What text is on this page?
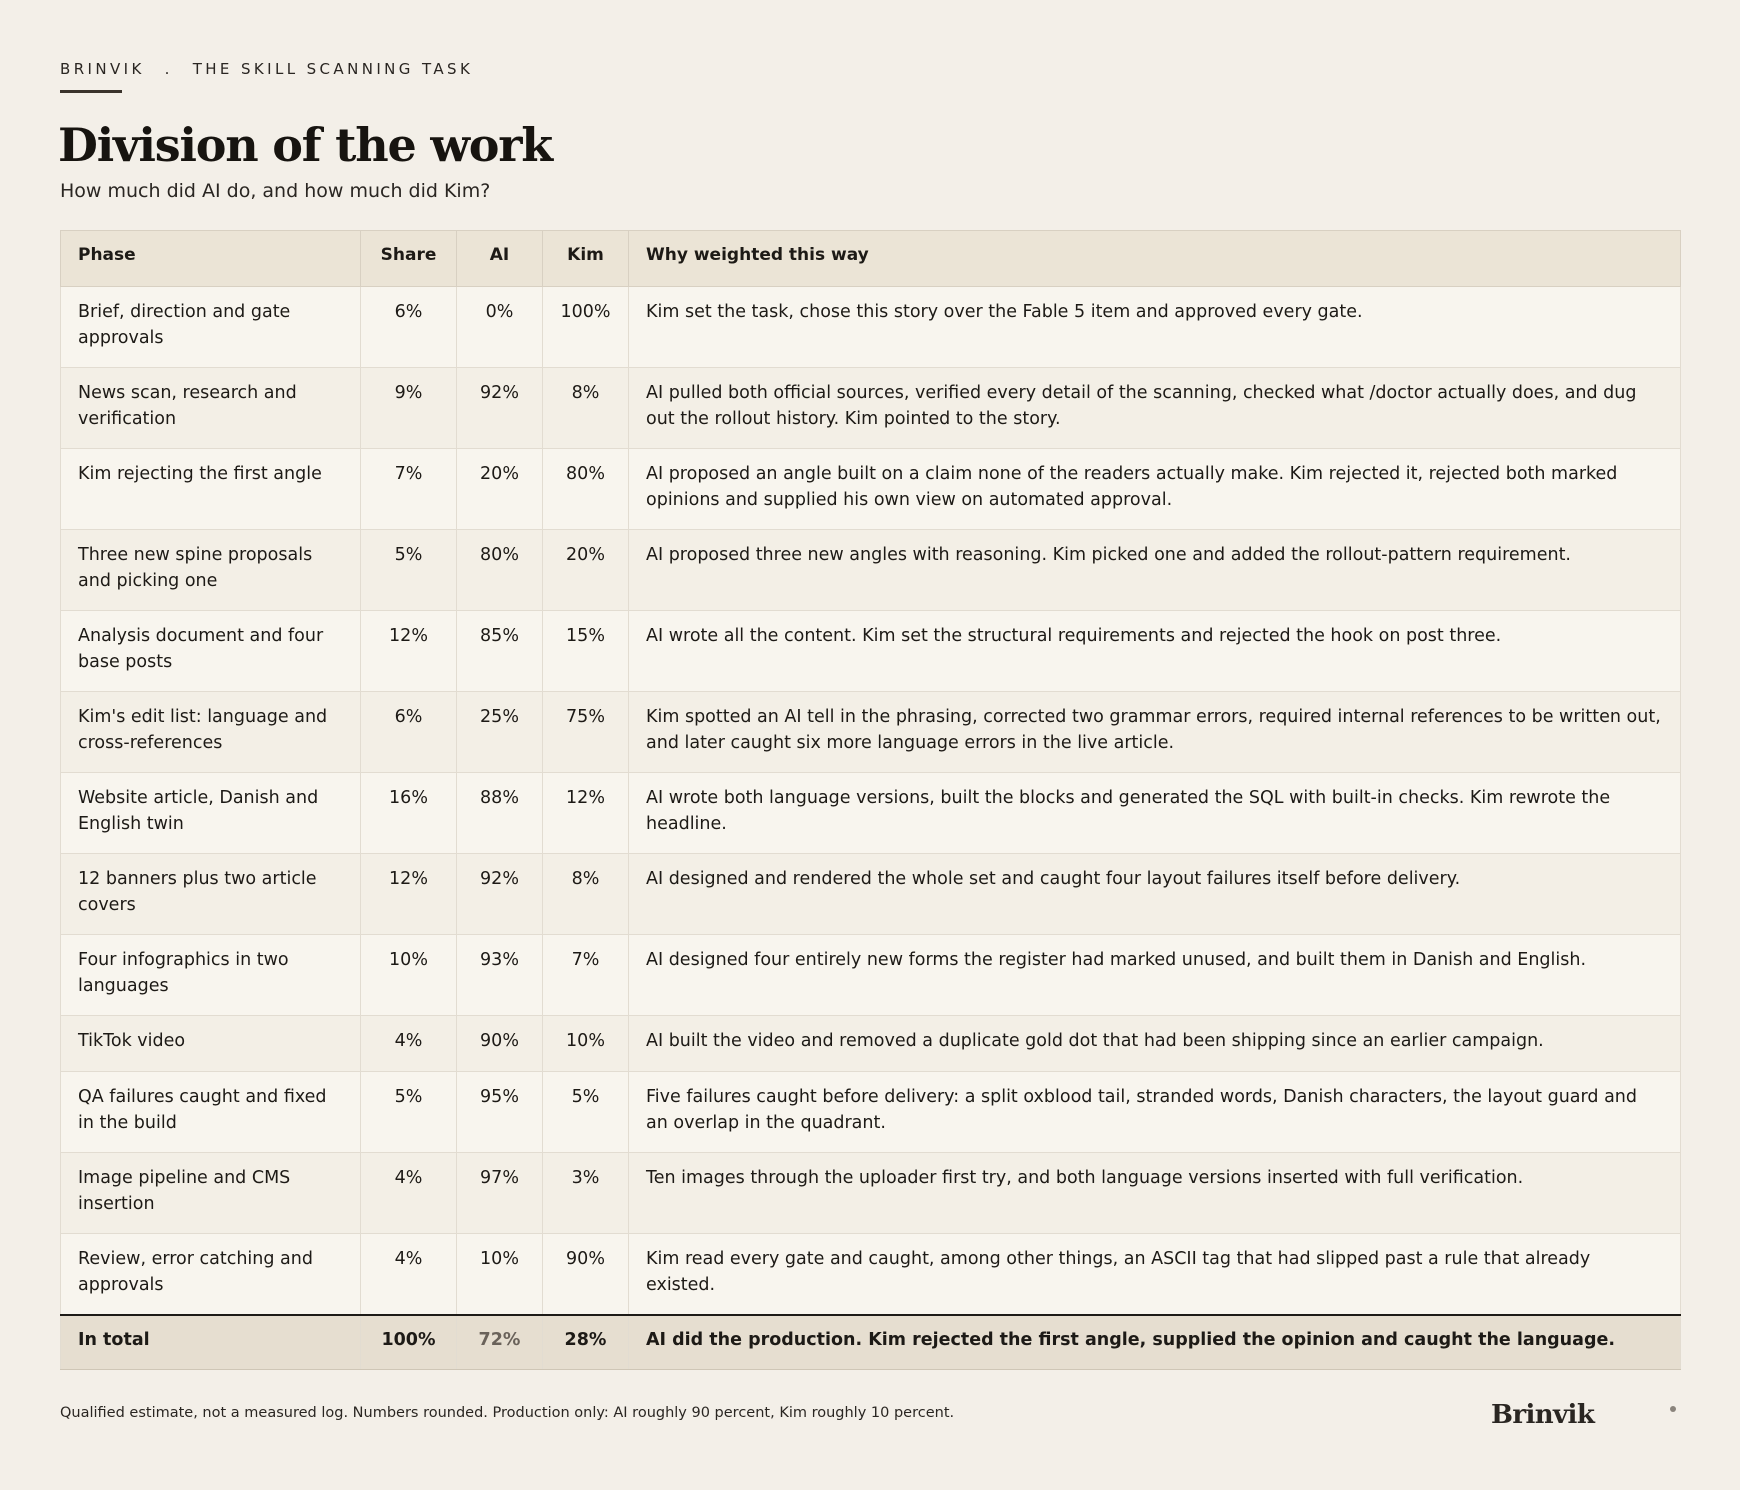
BRINVIK . THE SKILL SCANNING TASK
Division of the work

How much did AI do, and how much did Kim?

Phase	Share	AI	Kim	Why weighted this way
Brief, direction and gate approvals	6%	0%	100%	Kim set the task, chose this story over the Fable 5 item and approved every gate.
News scan, research and verification	9%	92%	8%	AI pulled both official sources, verified every detail of the scanning, checked what /doctor actually does, and dug out the rollout history. Kim pointed to the story.
Kim rejecting the first angle	7%	20%	80%	AI proposed an angle built on a claim none of the readers actually make. Kim rejected it, rejected both marked opinions and supplied his own view on automated approval.
Three new spine proposals and picking one	5%	80%	20%	AI proposed three new angles with reasoning. Kim picked one and added the rollout-pattern requirement.
Analysis document and four base posts	12%	85%	15%	AI wrote all the content. Kim set the structural requirements and rejected the hook on post three.
Kim's edit list: language and cross-references	6%	25%	75%	Kim spotted an AI tell in the phrasing, corrected two grammar errors, required internal references to be written out, and later caught six more language errors in the live article.
Website article, Danish and English twin	16%	88%	12%	AI wrote both language versions, built the blocks and generated the SQL with built-in checks. Kim rewrote the headline.
12 banners plus two article covers	12%	92%	8%	AI designed and rendered the whole set and caught four layout failures itself before delivery.
Four infographics in two languages	10%	93%	7%	AI designed four entirely new forms the register had marked unused, and built them in Danish and English.
TikTok video	4%	90%	10%	AI built the video and removed a duplicate gold dot that had been shipping since an earlier campaign.
QA failures caught and fixed in the build	5%	95%	5%	Five failures caught before delivery: a split oxblood tail, stranded words, Danish characters, the layout guard and an overlap in the quadrant.
Image pipeline and CMS insertion	4%	97%	3%	Ten images through the uploader first try, and both language versions inserted with full verification.
Review, error catching and approvals	4%	10%	90%	Kim read every gate and caught, among other things, an ASCII tag that had slipped past a rule that already existed.
In total	100%	72%	28%	AI did the production. Kim rejected the first angle, supplied the opinion and caught the language.

Qualified estimate, not a measured log. Numbers rounded. Production only: AI roughly 90 percent, Kim roughly 10 percent.	Brinvik
